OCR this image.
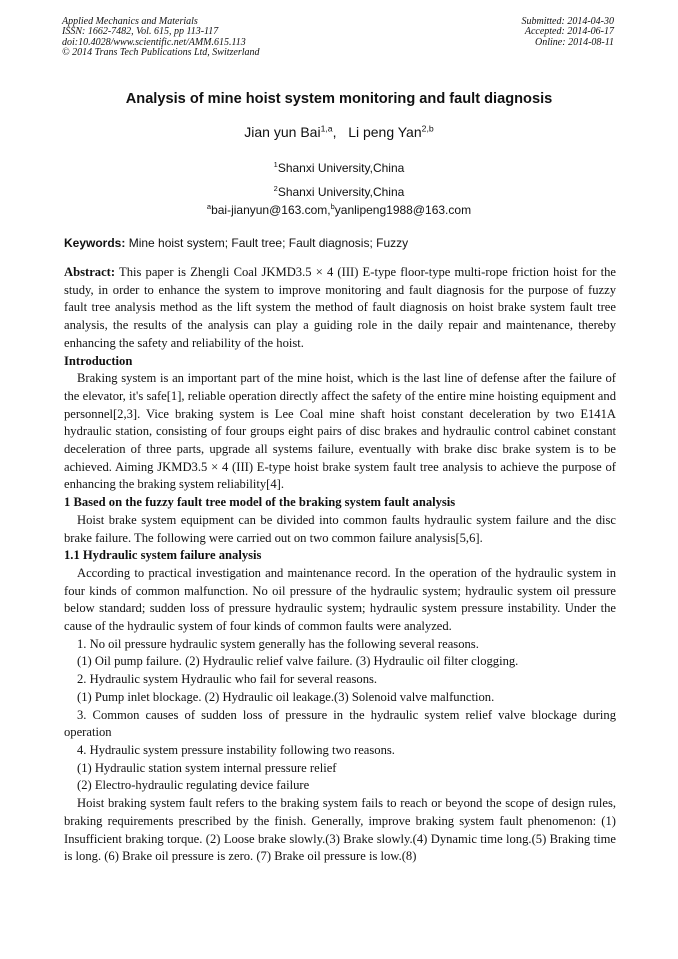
Applied Mechanics and Materials
ISSN: 1662-7482, Vol. 615, pp 113-117
doi:10.4028/www.scientific.net/AMM.615.113
© 2014 Trans Tech Publications Ltd, Switzerland
Submitted: 2014-04-30
Accepted: 2014-06-17
Online: 2014-08-11
Analysis of mine hoist system monitoring and fault diagnosis
Jian yun Bai$^{1,a}$, Li peng Yan$^{2,b}$
$^1$Shanxi University,China
$^2$Shanxi University,China
$^a$bai-jianyun@163.com,$^b$yanlipeng1988@163.com
Keywords: Mine hoist system; Fault tree; Fault diagnosis; Fuzzy

Abstract: This paper is Zhengli Coal JKMD3.5 × 4 (III) E-type floor-type multi-rope friction hoist for the study, in order to enhance the system to improve monitoring and fault diagnosis for the purpose of fuzzy fault tree analysis method as the lift system the method of fault diagnosis on hoist brake system fault tree analysis, the results of the analysis can play a guiding role in the daily repair and maintenance, thereby enhancing the safety and reliability of the hoist.

Introduction

Braking system is an important part of the mine hoist, which is the last line of defense after the failure of the elevator, it's safe[1], reliable operation directly affect the safety of the entire mine hoisting equipment and personnel[2,3]. Vice braking system is Lee Coal mine shaft hoist constant deceleration by two E141A hydraulic station, consisting of four groups eight pairs of disc brakes and hydraulic control cabinet constant deceleration of three parts, upgrade all systems failure, eventually with brake disc brake system is to be achieved. Aiming JKMD3.5 × 4 (III) E-type hoist brake system fault tree analysis to achieve the purpose of enhancing the braking system reliability[4].

1 Based on the fuzzy fault tree model of the braking system fault analysis

Hoist brake system equipment can be divided into common faults hydraulic system failure and the disc brake failure. The following were carried out on two common failure analysis[5,6].

1.1 Hydraulic system failure analysis

According to practical investigation and maintenance record. In the operation of the hydraulic system in four kinds of common malfunction. No oil pressure of the hydraulic system; hydraulic system oil pressure below standard; sudden loss of pressure hydraulic system; hydraulic system pressure instability. Under the cause of the hydraulic system of four kinds of common faults were analyzed.

1. No oil pressure hydraulic system generally has the following several reasons.

(1) Oil pump failure. (2) Hydraulic relief valve failure. (3) Hydraulic oil filter clogging.

2. Hydraulic system Hydraulic who fail for several reasons.

(1) Pump inlet blockage. (2) Hydraulic oil leakage.(3) Solenoid valve malfunction.

3. Common causes of sudden loss of pressure in the hydraulic system relief valve blockage during operation

4. Hydraulic system pressure instability following two reasons.

(1) Hydraulic station system internal pressure relief

(2) Electro-hydraulic regulating device failure

Hoist braking system fault refers to the braking system fails to reach or beyond the scope of design rules, braking requirements prescribed by the finish. Generally, improve braking system fault phenomenon: (1) Insufficient braking torque. (2) Loose brake slowly.(3) Brake slowly.(4) Dynamic time long.(5) Braking time is long. (6) Brake oil pressure is zero. (7) Brake oil pressure is low.(8)
